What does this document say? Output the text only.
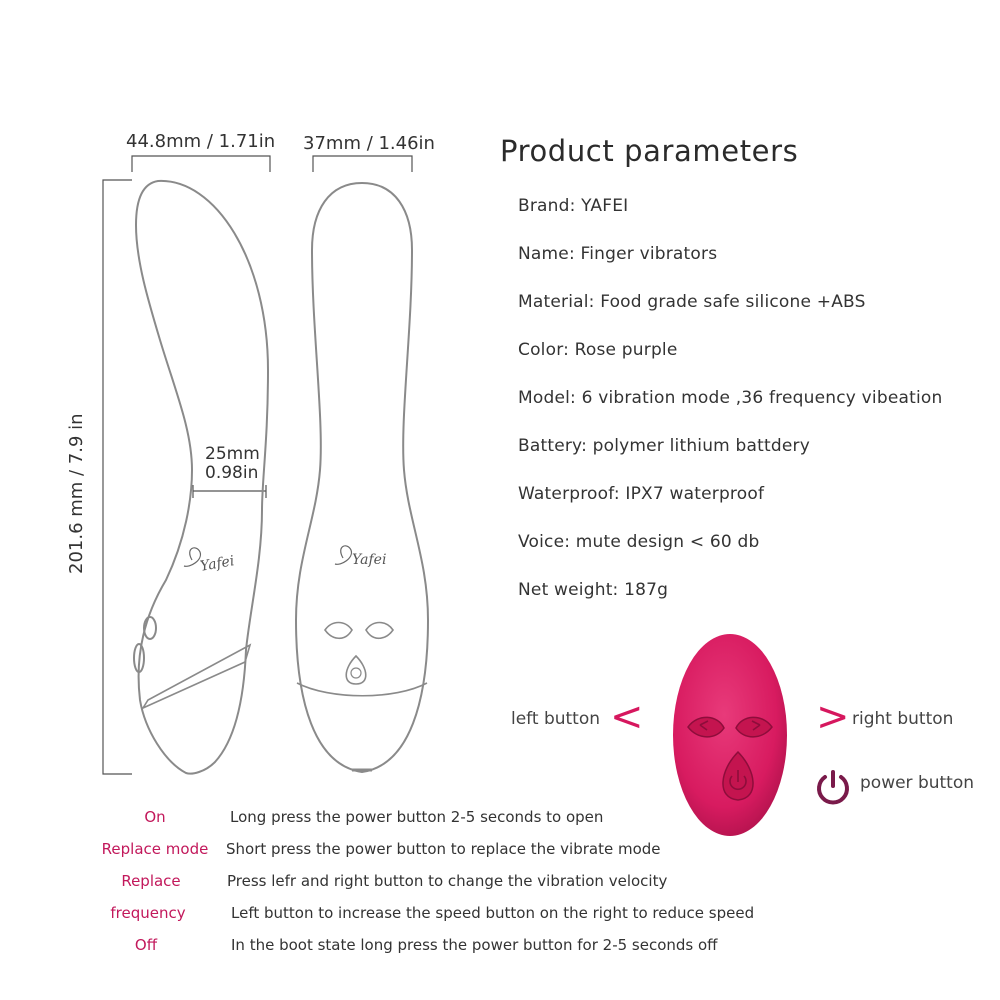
44.8mm / 1.71in 37mm / 1.46in
201.6 mm / 7.9 in	25mm
0.98in
Yafei	Yafei
Product parameters
Brand: YAFEI
Name: Finger vibrators
Material: Food grade safe silicone +ABS
Color: Rose purple
Model: 6 vibration mode ,36 frequency vibeation
Battery: polymer lithium battdery
Waterproof: IPX7 waterproof
Voice: mute design < 60 db
Net weight: 187g
left button <	> right button
power button
On	Long press the power button 2-5 seconds to open
Replace mode	Short press the power button to replace the vibrate mode
Replace	Press lefr and right button to change the vibration velocity
frequency	Left button to increase the speed button on the right to reduce speed
Off	In the boot state long press the power button for 2-5 seconds off
